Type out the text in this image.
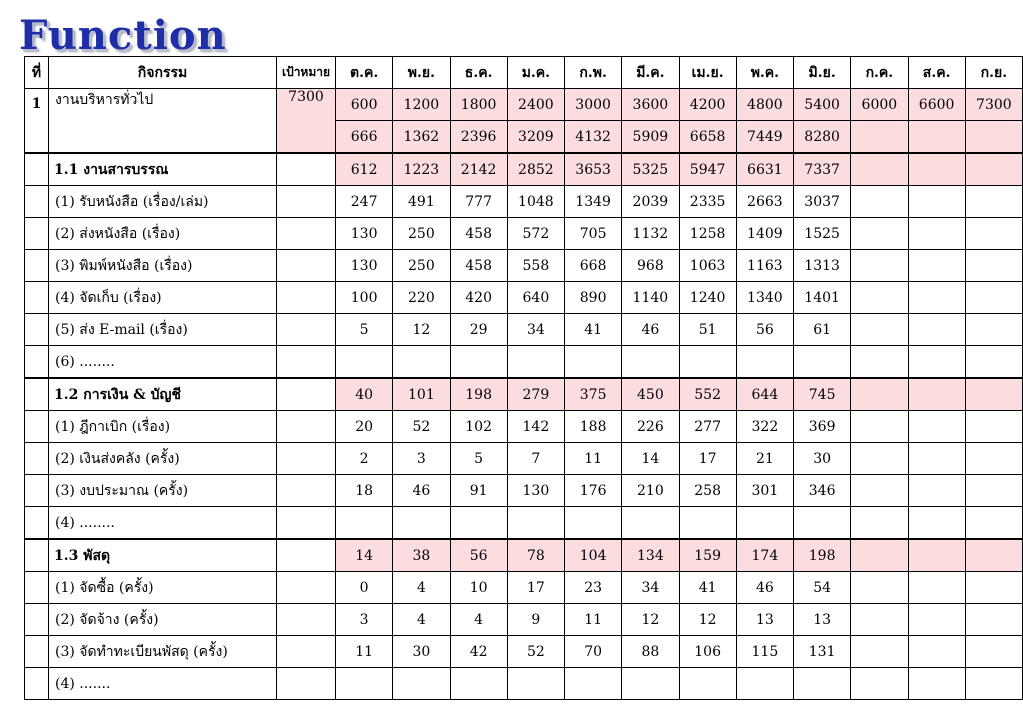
Function
ที่	กิจกรรม	เป้าหมาย	ต.ค.	พ.ย.	ธ.ค.	ม.ค.	ก.พ.	มี.ค.	เม.ย.	พ.ค.	มิ.ย.	ก.ค.	ส.ค.	ก.ย.
1	งานบริหารทั่วไป	7300	600	1200	1800	2400	3000	3600	4200	4800	5400	6000	6600	7300
			666	1362	2396	3209	4132	5909	6658	7449	8280			
	1.1 งานสารบรรณ		612	1223	2142	2852	3653	5325	5947	6631	7337			
	(1) รับหนังสือ (เรื่อง/เล่ม)		247	491	777	1048	1349	2039	2335	2663	3037			
	(2) ส่งหนังสือ (เรื่อง)		130	250	458	572	705	1132	1258	1409	1525			
	(3) พิมพ์หนังสือ (เรื่อง)		130	250	458	558	668	968	1063	1163	1313			
	(4) จัดเก็บ (เรื่อง)		100	220	420	640	890	1140	1240	1340	1401			
	(5) ส่ง E-mail (เรื่อง)		5	12	29	34	41	46	51	56	61			
	(6) ........													
	1.2 การเงิน & บัญชี		40	101	198	279	375	450	552	644	745			
	(1) ฎีกาเบิก (เรื่อง)		20	52	102	142	188	226	277	322	369			
	(2) เงินส่งคลัง (ครั้ง)		2	3	5	7	11	14	17	21	30			
	(3) งบประมาณ (ครั้ง)		18	46	91	130	176	210	258	301	346			
	(4) ........													
	1.3 พัสดุ		14	38	56	78	104	134	159	174	198			
	(1) จัดซื้อ (ครั้ง)		0	4	10	17	23	34	41	46	54			
	(2) จัดจ้าง (ครั้ง)		3	4	4	9	11	12	12	13	13			
	(3) จัดทำทะเบียนพัสดุ (ครั้ง)		11	30	42	52	70	88	106	115	131			
	(4) .......													
